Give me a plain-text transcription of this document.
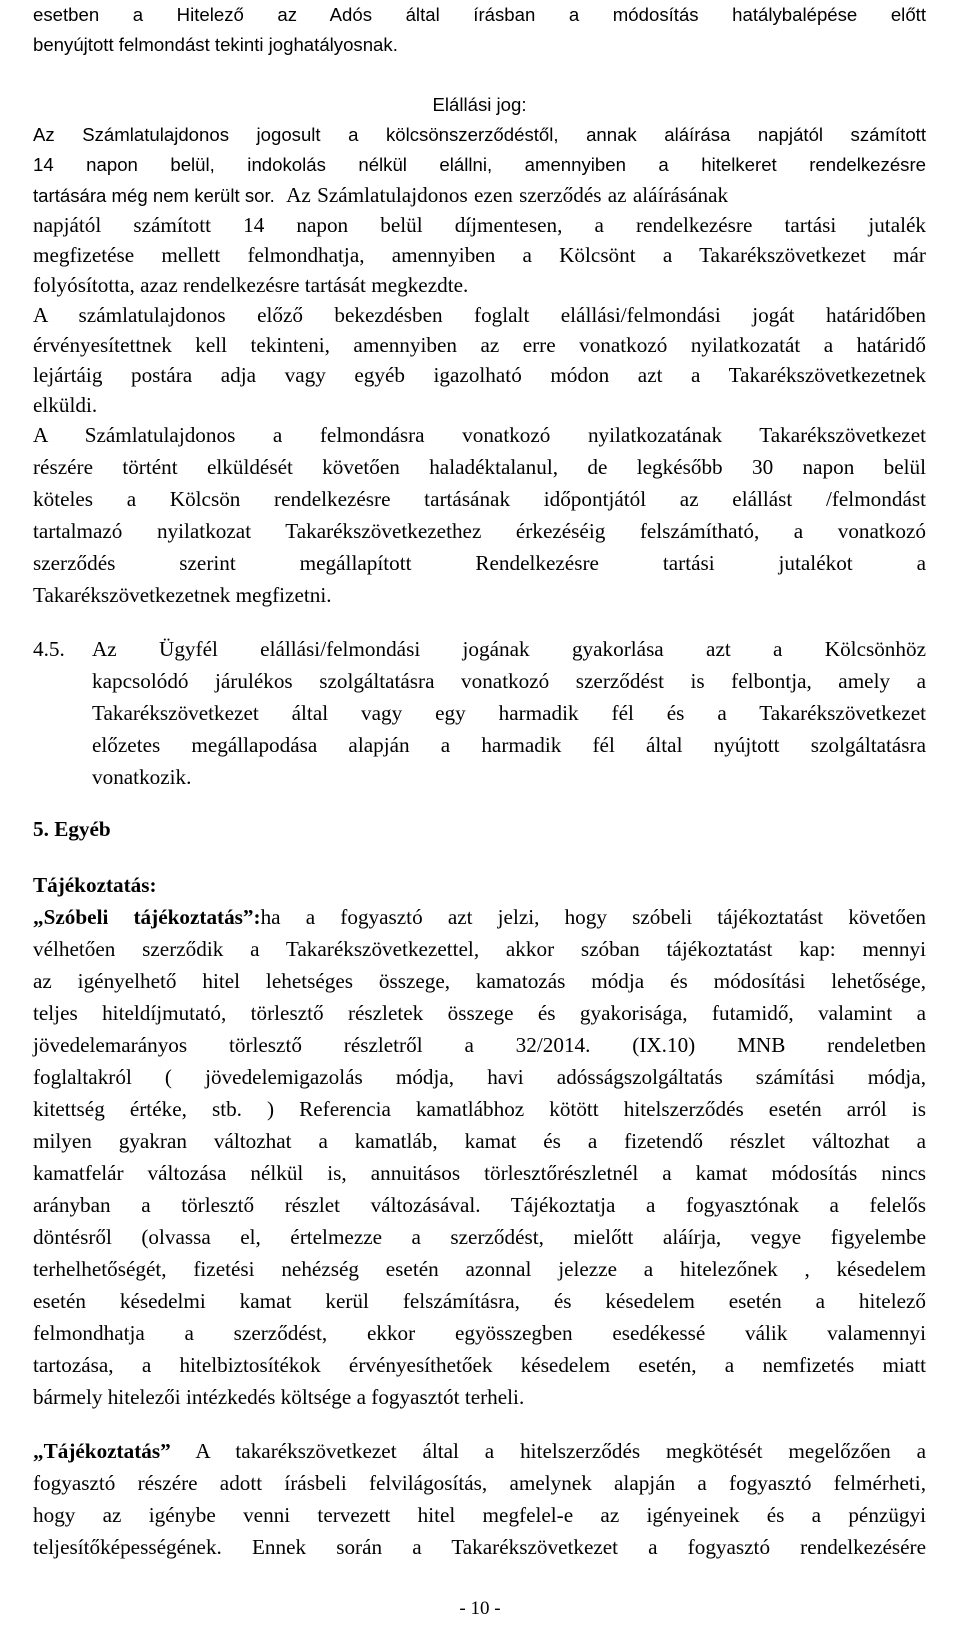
esetben a Hitelező az Adós által írásban a módosítás hatálybalépése előtt
benyújtott felmondást tekinti joghatályosnak.
Elállási jog:
Az Számlatulajdonos jogosult a kölcsönszerződéstől, annak aláírása napjától számított
14 napon belül, indokolás nélkül elállni, amennyiben a hitelkeret rendelkezésre
tartására még nem került sor. Az Számlatulajdonos ezen szerződés az aláírásának
napjától számított 14 napon belül díjmentesen, a rendelkezésre tartási jutalék
megfizetése mellett felmondhatja, amennyiben a Kölcsönt a Takarékszövetkezet már
folyósította, azaz rendelkezésre tartását megkezdte.
A számlatulajdonos előző bekezdésben foglalt elállási/felmondási jogát határidőben
érvényesítettnek kell tekinteni, amennyiben az erre vonatkozó nyilatkozatát a határidő
lejártáig postára adja vagy egyéb igazolható módon azt a Takarékszövetkezetnek
elküldi.
A Számlatulajdonos a felmondásra vonatkozó nyilatkozatának Takarékszövetkezet
részére történt elküldését követően haladéktalanul, de legkésőbb 30 napon belül
köteles a Kölcsön rendelkezésre tartásának időpontjától az elállást /felmondást
tartalmazó nyilatkozat Takarékszövetkezethez érkezéséig felszámítható, a vonatkozó
szerződés szerint megállapított Rendelkezésre tartási jutalékot a
Takarékszövetkezetnek megfizetni.
4.5.	Az Ügyfél elállási/felmondási jogának gyakorlása azt a Kölcsönhöz
kapcsolódó járulékos szolgáltatásra vonatkozó szerződést is felbontja, amely a
Takarékszövetkezet által vagy egy harmadik fél és a Takarékszövetkezet
előzetes megállapodása alapján a harmadik fél által nyújtott szolgáltatásra
vonatkozik.
5. Egyéb
Tájékoztatás:
„Szóbeli tájékoztatás”:ha a fogyasztó azt jelzi, hogy szóbeli tájékoztatást követően
vélhetően szerződik a Takarékszövetkezettel, akkor szóban tájékoztatást kap: mennyi
az igényelhető hitel lehetséges összege, kamatozás módja és módosítási lehetősége,
teljes hiteldíjmutató, törlesztő részletek összege és gyakorisága, futamidő, valamint a
jövedelemarányos törlesztő részletről a 32/2014. (IX.10) MNB rendeletben
foglaltakról ( jövedelemigazolás módja, havi adósságszolgáltatás számítási módja,
kitettség értéke, stb. ) Referencia kamatlábhoz kötött hitelszerződés esetén arról is
milyen gyakran változhat a kamatláb, kamat és a fizetendő részlet változhat a
kamatfelár változása nélkül is, annuitásos törlesztőrészletnél a kamat módosítás nincs
arányban a törlesztő részlet változásával. Tájékoztatja a fogyasztónak a felelős
döntésről (olvassa el, értelmezze a szerződést, mielőtt aláírja, vegye figyelembe
terhelhetőségét, fizetési nehézség esetén azonnal jelezze a hitelezőnek , késedelem
esetén késedelmi kamat kerül felszámításra, és késedelem esetén a hitelező
felmondhatja a szerződést, ekkor egyösszegben esedékessé válik valamennyi
tartozása, a hitelbiztosítékok érvényesíthetőek késedelem esetén, a nemfizetés miatt
bármely hitelezői intézkedés költsége a fogyasztót terheli.
„Tájékoztatás” A takarékszövetkezet által a hitelszerződés megkötését megelőzően a
fogyasztó részére adott írásbeli felvilágosítás, amelynek alapján a fogyasztó felmérheti,
hogy az igénybe venni tervezett hitel megfelel-e az igényeinek és a pénzügyi
teljesítőképességének. Ennek során a Takarékszövetkezet a fogyasztó rendelkezésére
- 10 -
